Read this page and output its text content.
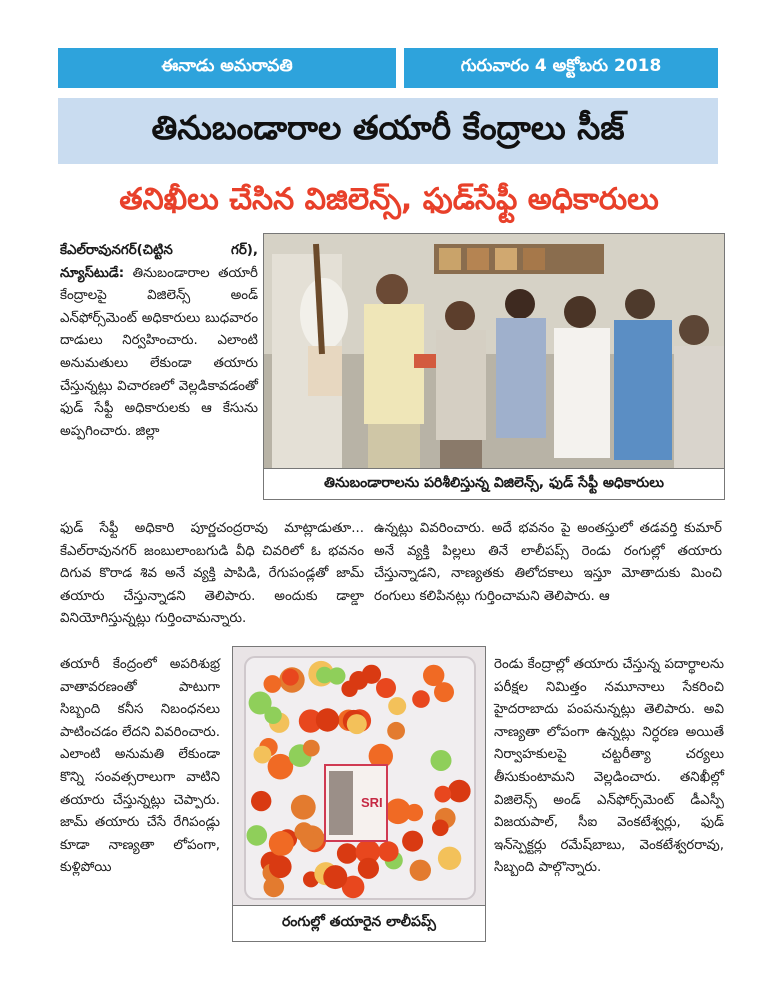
ఈనాడు అమరావతి	గురువారం 4 అక్టోబరు 2018
తినుబండారాల తయారీ కేంద్రాలు సీజ్
తనిఖీలు చేసిన విజిలెన్స్, ఫుడ్‌సేఫ్టీ అధికారులు

కేఎల్‌రావునగర్(చిట్టిన గర్), న్యూస్‌టుడే: తినుబండారాల తయారీ కేంద్రాలపై విజిలెన్స్ అండ్ ఎన్‌ఫోర్స్‌మెంట్ అధికారులు బుధవారం దాడులు నిర్వహించారు. ఎలాంటి అనుమతులు లేకుండా తయారు చేస్తున్నట్లు విచారణలో వెల్లడికావడంతో ఫుడ్ సేఫ్టీ అధికారులకు ఆ కేసును అప్పగించారు. జిల్లా

తినుబండారాలను పరిశీలిస్తున్న విజిలెన్స్, ఫుడ్ సేఫ్టీ అధికారులు

ఫుడ్ సేఫ్టీ అధికారి పూర్ణచంద్రరావు మాట్లాడుతూ... కేఎల్‌రావునగర్ జంబులాంబగుడి వీధి చివరిలో ఓ భవనం దిగువ కొరాడ శివ అనే వ్యక్తి పాపిడి, రేగుపండ్లతో జామ్ తయారు చేస్తున్నాడని తెలిపారు. అందుకు డాల్డా వినియోగిస్తున్నట్లు గుర్తించామన్నారు.

ఉన్నట్లు వివరించారు. అదే భవనం పై అంతస్తులో తడవర్తి కుమార్ అనే వ్యక్తి పిల్లలు తినే లాలీపప్స్ రెండు రంగుల్లో తయారు చేస్తున్నాడని, నాణ్యతకు తిలోదకాలు ఇస్తూ మోతాదుకు మించి రంగులు కలిపినట్లు గుర్తించామని తెలిపారు. ఆ

తయారీ కేంద్రంలో అపరిశుభ్ర వాతావరణంతో పాటుగా సిబ్బంది కనీస నిబంధనలు పాటించడం లేదని వివరించారు. ఎలాంటి అనుమతి లేకుండా కొన్ని సంవత్సరాలుగా వాటిని తయారు చేస్తున్నట్లు చెప్పారు. జామ్ తయారు చేసే రేగిపండ్లు కూడా నాణ్యతా లోపంగా, కుళ్లిపోయి

SRI
రంగుల్లో తయారైన లాలీపప్స్

రెండు కేంద్రాల్లో తయారు చేస్తున్న పదార్థాలను పరీక్షల నిమిత్తం నమూనాలు సేకరించి హైదరాబాదు పంపనున్నట్లు తెలిపారు. అవి నాణ్యతా లోపంగా ఉన్నట్లు నిర్ధరణ అయితే నిర్వాహకులపై చట్టరీత్యా చర్యలు తీసుకుంటామని వెల్లడించారు. తనిఖీల్లో విజిలెన్స్ అండ్ ఎన్‌ఫోర్స్‌మెంట్ డీఎస్పీ విజయపాల్, సీఐ వెంకటేశ్వర్లు, ఫుడ్ ఇన్‌స్పెక్టర్లు రమేష్‌బాబు, వెంకటేశ్వరరావు, సిబ్బంది పాల్గొన్నారు.
